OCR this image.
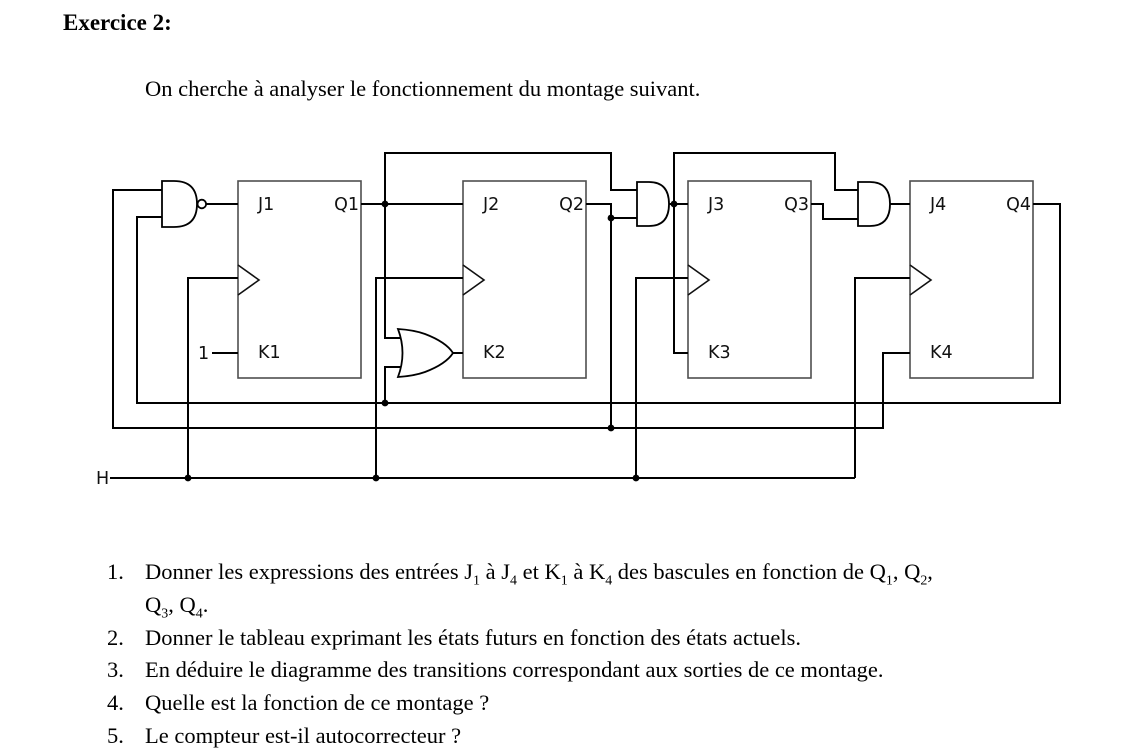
Exercice 2:
On cherche à analyser le fonctionnement du montage suivant.
J1	Q1
K1
J2	Q2
K2
J3	Q3
K3
J4	Q4
K4
1
H
1. Donner les expressions des entrées $J_1$ à $J_4$ et $K_1$ à $K_4$ des bascules en fonction de $Q_1$, $Q_2$,
$Q_3$, $Q_4$.
2. Donner le tableau exprimant les états futurs en fonction des états actuels.
3. En déduire le diagramme des transitions correspondant aux sorties de ce montage.
4. Quelle est la fonction de ce montage ?
5. Le compteur est-il autocorrecteur ?
